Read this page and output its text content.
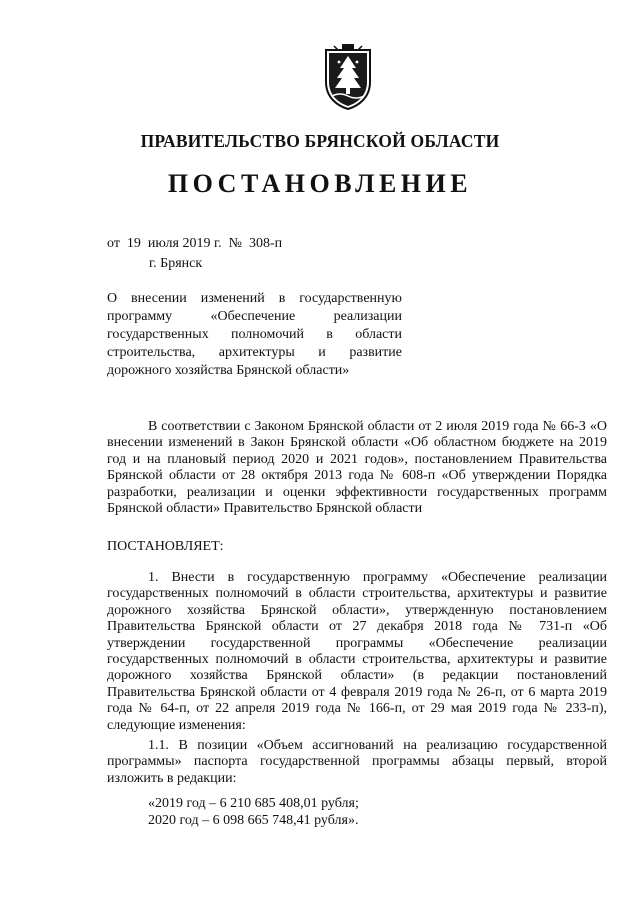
ПРАВИТЕЛЬСТВО БРЯНСКОЙ ОБЛАСТИ
ПОСТАНОВЛЕНИЕ
от  19  июля 2019 г.  №  308-п
г. Брянск
О внесении изменений в государственную программу «Обеспечение реализации государственных полномочий в области строительства, архитектуры и развитие дорожного хозяйства Брянской области»

В соответствии с Законом Брянской области от 2 июля 2019 года № 66-З «О внесении изменений в Закон Брянской области «Об областном бюджете на 2019 год и на плановый период 2020 и 2021 годов», постановлением Правительства Брянской области от 28 октября 2013 года № 608-п «Об утверждении Порядка разработки, реализации и оценки эффективности государственных программ Брянской области» Правительство Брянской области

ПОСТАНОВЛЯЕТ:

1. Внести в государственную программу «Обеспечение реализации государственных полномочий в области строительства, архитектуры и развитие дорожного хозяйства Брянской области», утвержденную постановлением Правительства Брянской области от 27 декабря 2018 года № 731-п «Об утверждении государственной программы «Обеспечение реализации государственных полномочий в области строительства, архитектуры и развитие дорожного хозяйства Брянской области» (в редакции постановлений Правительства Брянской области от 4 февраля 2019 года № 26-п, от 6 марта 2019 года № 64-п, от 22 апреля 2019 года № 166-п, от 29 мая 2019 года № 233-п), следующие изменения:

1.1. В позиции «Объем ассигнований на реализацию государственной программы» паспорта государственной программы абзацы первый, второй изложить в редакции:

«2019 год – 6 210 685 408,01 рубля;
2020 год – 6 098 665 748,41 рубля».
